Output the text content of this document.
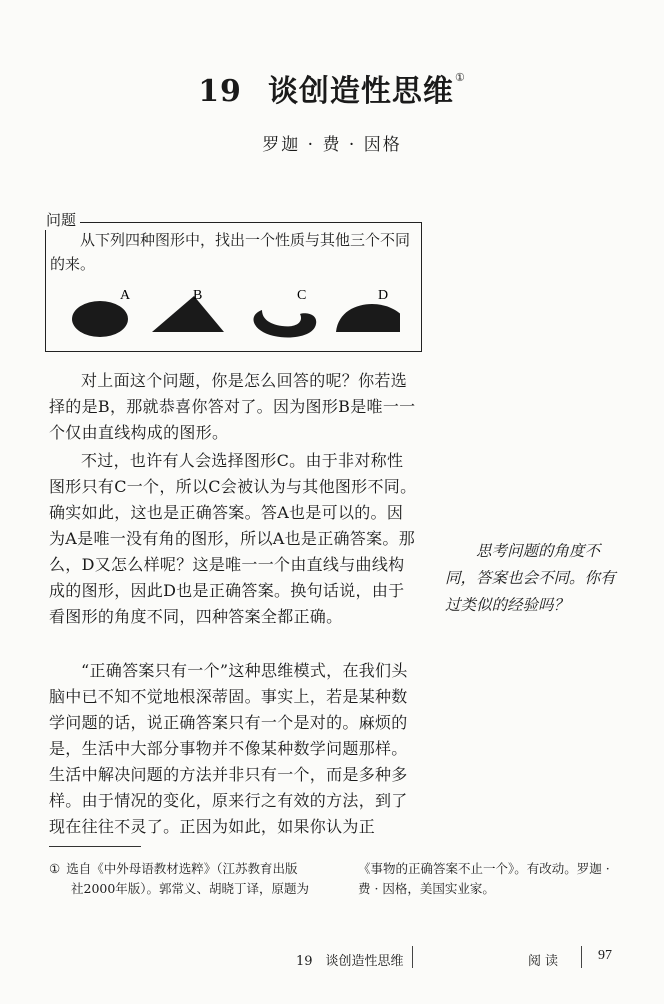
19 谈创造性思维①
罗迦 · 费 · 因格
问题
从下列四种图形中，找出一个性质与其他三个不同的来。
A	B	C	D
对上面这个问题，你是怎么回答的呢？你若选择的是B，那就恭喜你答对了。因为图形B是唯一一个仅由直线构成的图形。
不过，也许有人会选择图形C。由于非对称性图形只有C一个，所以C会被认为与其他图形不同。确实如此，这也是正确答案。答A也是可以的。因为A是唯一没有角的图形，所以A也是正确答案。那么，D又怎么样呢？这是唯一一个由直线与曲线构成的图形，因此D也是正确答案。换句话说，由于看图形的角度不同，四种答案全都正确。
“正确答案只有一个”这种思维模式，在我们头脑中已不知不觉地根深蒂固。事实上，若是某种数学问题的话，说正确答案只有一个是对的。麻烦的是，生活中大部分事物并不像某种数学问题那样。生活中解决问题的方法并非只有一个，而是多种多样。由于情况的变化，原来行之有效的方法，到了现在往往不灵了。正因为如此，如果你认为正
思考问题的角度不同，答案也会不同。你有过类似的经验吗？
① 选自《中外母语教材选粹》（江苏教育出版
社2000年版）。郭常义、胡晓丁译，原题为
《事物的正确答案不止一个》。有改动。罗迦 · 费 · 因格，美国实业家。
19　谈创造性思维	阅读	97
